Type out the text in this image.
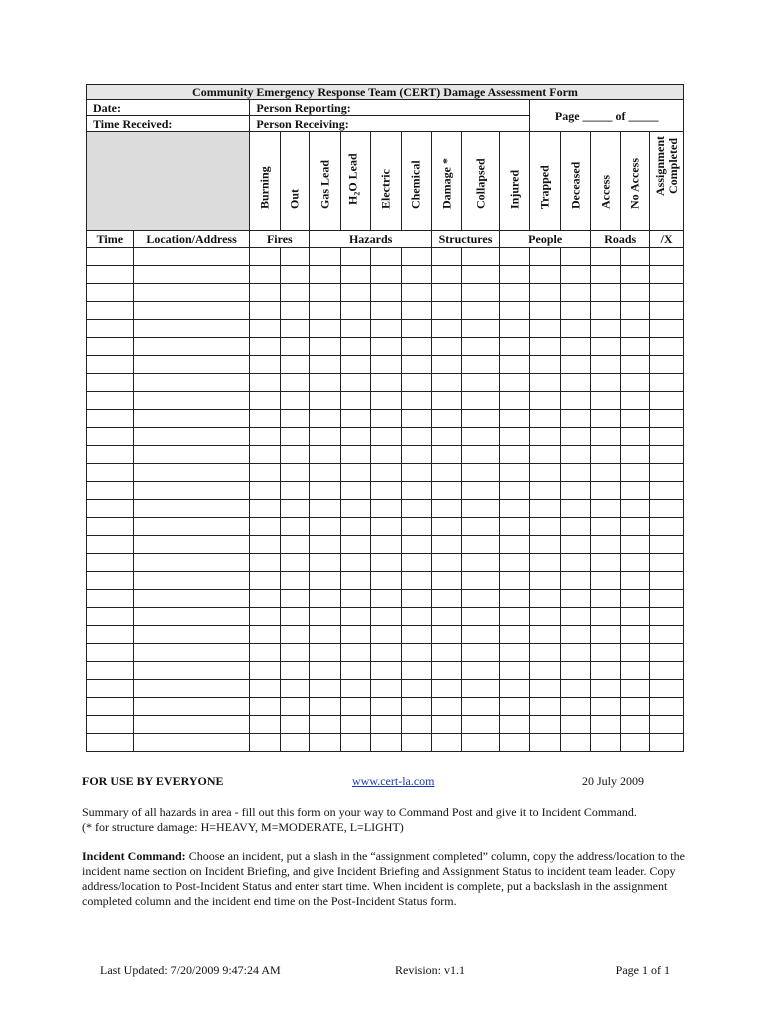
Community Emergency Response Team (CERT) Damage Assessment Form															
Date:		Person Reporting:									Page _____ of _____				
Time Received:		Person Receiving:													

		Burning	Out	Gas Lead	$H_2O$ Lead	Electric	Chemical	Damage *	Collapsed	Injured	Trapped	Deceased	Access	No Access	Assignment Completed

Time	Location/Address	Fires		Hazards				Structures		People			Roads		/X

FOR USE BY EVERYONE	www.cert-la.com	20 July 2009
Summary of all hazards in area - fill out this form on your way to Command Post and give it to Incident Command.
(* for structure damage: H=HEAVY, M=MODERATE, L=LIGHT)
Incident Command: Choose an incident, put a slash in the “assignment completed” column, copy the address/location to the incident name section on Incident Briefing, and give Incident Briefing and Assignment Status to incident team leader. Copy address/location to Post-Incident Status and enter start time. When incident is complete, put a backslash in the assignment completed column and the incident end time on the Post-Incident Status form.
Last Updated: 7/20/2009 9:47:24 AM	Revision: v1.1	Page 1 of 1
